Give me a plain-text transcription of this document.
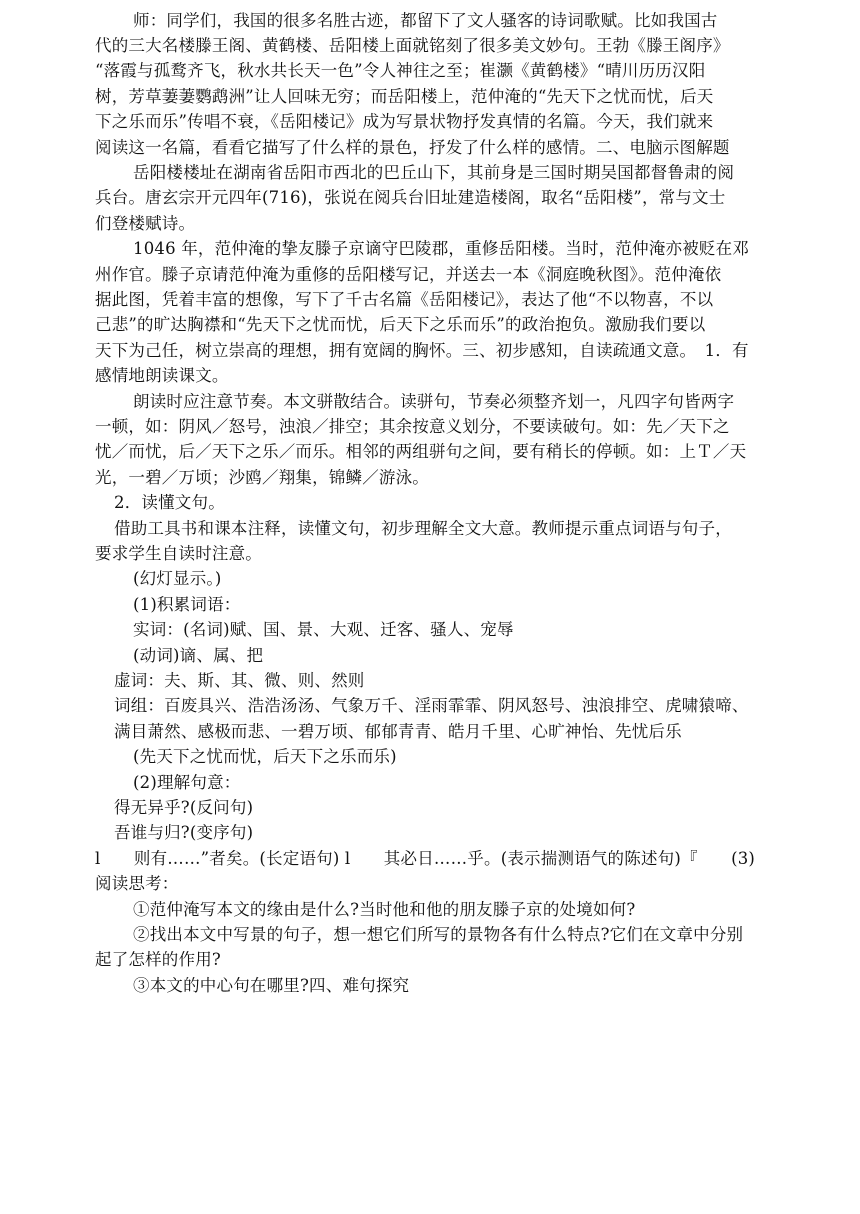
师：同学们，我国的很多名胜古迹，都留下了文人骚客的诗词歌赋。比如我国古
代的三大名楼滕王阁、黄鹤楼、岳阳楼上面就铭刻了很多美文妙句。王勃《滕王阁序》
“落霞与孤鹜齐飞，秋水共长天一色”令人神往之至；崔灏《黄鹤楼》“晴川历历汉阳
树，芳草萋萋鹦鹉洲”让人回味无穷；而岳阳楼上，范仲淹的“先天下之忧而忧，后天
下之乐而乐”传唱不衰，《岳阳楼记》成为写景状物抒发真情的名篇。今天，我们就来
阅读这一名篇，看看它描写了什么样的景色，抒发了什么样的感情。二、电脑示图解题
岳阳楼楼址在湖南省岳阳市西北的巴丘山下，其前身是三国时期吴国都督鲁肃的阅
兵台。唐玄宗开元四年(716)，张说在阅兵台旧址建造楼阁，取名“岳阳楼”，常与文士
们登楼赋诗。
1046 年，范仲淹的挚友滕子京谪守巴陵郡，重修岳阳楼。当时，范仲淹亦被贬在邓
州作官。滕子京请范仲淹为重修的岳阳楼写记，并送去一本《洞庭晚秋图》。范仲淹依
据此图，凭着丰富的想像，写下了千古名篇《岳阳楼记》，表达了他“不以物喜，不以
己悲”的旷达胸襟和“先天下之忧而忧，后天下之乐而乐”的政治抱负。激励我们要以
天下为己任，树立崇高的理想，拥有宽阔的胸怀。三、初步感知，自读疏通文意。　1．有
感情地朗读课文。
朗读时应注意节奏。本文骈散结合。读骈句，节奏必须整齐划一，凡四字句皆两字
一顿，如：阴风／怒号，浊浪／排空；其余按意义划分，不要读破句。如：先／天下之
忧／而忧，后／天下之乐／而乐。相邻的两组骈句之间，要有稍长的停顿。如：上Ｔ／天
光，一碧／万顷；沙鸥／翔集，锦鳞／游泳。
2．读懂文句。
借助工具书和课本注释，读懂文句，初步理解全文大意。教师提示重点词语与句子，
要求学生自读时注意。
(幻灯显示。)
(1)积累词语：
实词：(名词)赋、国、景、大观、迁客、骚人、宠辱
(动词)谪、属、把
虚词：夫、斯、其、微、则、然则
词组：百废具兴、浩浩汤汤、气象万千、淫雨霏霏、阴风怒号、浊浪排空、虎啸猿啼、
满目萧然、感极而悲、一碧万顷、郁郁青青、皓月千里、心旷神怡、先忧后乐
(先天下之忧而忧，后天下之乐而乐)
(2)理解句意：
得无异乎?(反问句)
吾谁与归?(变序句)
l　　则有……”者矣。(长定语句) l　　其必日……乎。(表示揣测语气的陈述句)『　　(3)
阅读思考：
①范仲淹写本文的缘由是什么?当时他和他的朋友滕子京的处境如何?
②找出本文中写景的句子，想一想它们所写的景物各有什么特点?它们在文章中分别
起了怎样的作用?
③本文的中心句在哪里?四、难句探究
